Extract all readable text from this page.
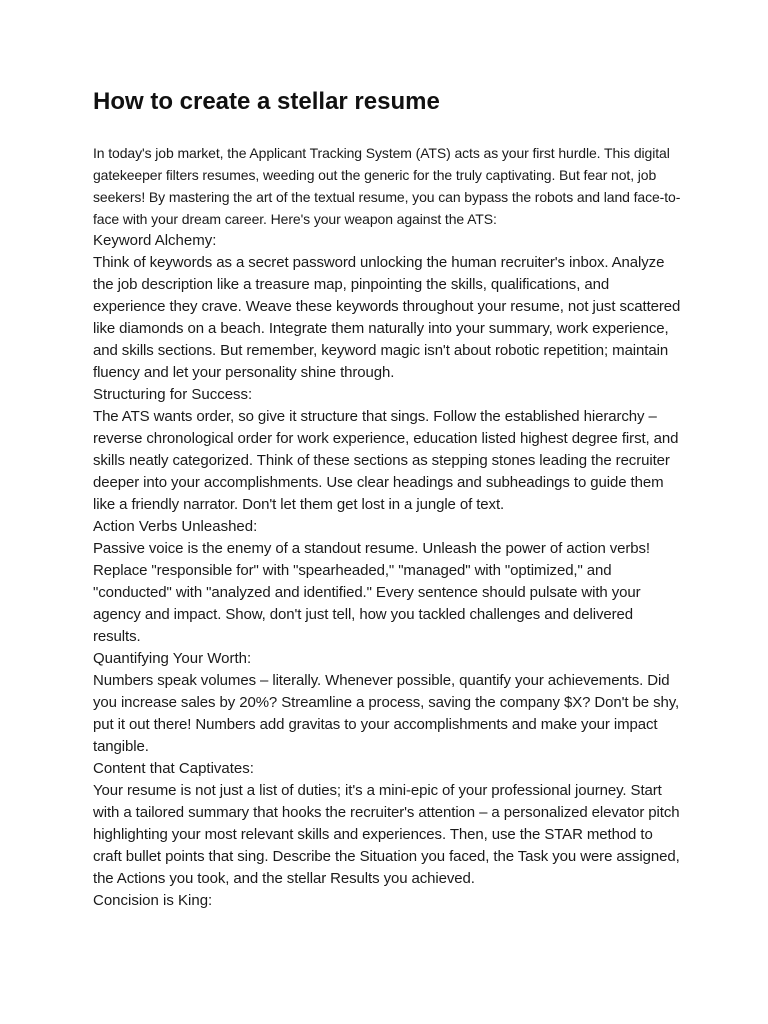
How to create a stellar resume

In today's job market, the Applicant Tracking System (ATS) acts as your first hurdle. This digital gatekeeper filters resumes, weeding out the generic for the truly captivating. But fear not, job seekers! By mastering the art of the textual resume, you can bypass the robots and land face-to-face with your dream career. Here's your weapon against the ATS:

Keyword Alchemy:

Think of keywords as a secret password unlocking the human recruiter's inbox. Analyze the job description like a treasure map, pinpointing the skills, qualifications, and experience they crave. Weave these keywords throughout your resume, not just scattered like diamonds on a beach. Integrate them naturally into your summary, work experience, and skills sections. But remember, keyword magic isn't about robotic repetition; maintain fluency and let your personality shine through.

Structuring for Success:

The ATS wants order, so give it structure that sings. Follow the established hierarchy – reverse chronological order for work experience, education listed highest degree first, and skills neatly categorized. Think of these sections as stepping stones leading the recruiter deeper into your accomplishments. Use clear headings and subheadings to guide them like a friendly narrator. Don't let them get lost in a jungle of text.

Action Verbs Unleashed:

Passive voice is the enemy of a standout resume. Unleash the power of action verbs! Replace "responsible for" with "spearheaded," "managed" with "optimized," and "conducted" with "analyzed and identified." Every sentence should pulsate with your agency and impact. Show, don't just tell, how you tackled challenges and delivered results.

Quantifying Your Worth:

Numbers speak volumes – literally. Whenever possible, quantify your achievements. Did you increase sales by 20%? Streamline a process, saving the company $X? Don't be shy, put it out there! Numbers add gravitas to your accomplishments and make your impact tangible.

Content that Captivates:

Your resume is not just a list of duties; it's a mini-epic of your professional journey. Start with a tailored summary that hooks the recruiter's attention – a personalized elevator pitch highlighting your most relevant skills and experiences. Then, use the STAR method to craft bullet points that sing. Describe the Situation you faced, the Task you were assigned, the Actions you took, and the stellar Results you achieved.

Concision is King:
